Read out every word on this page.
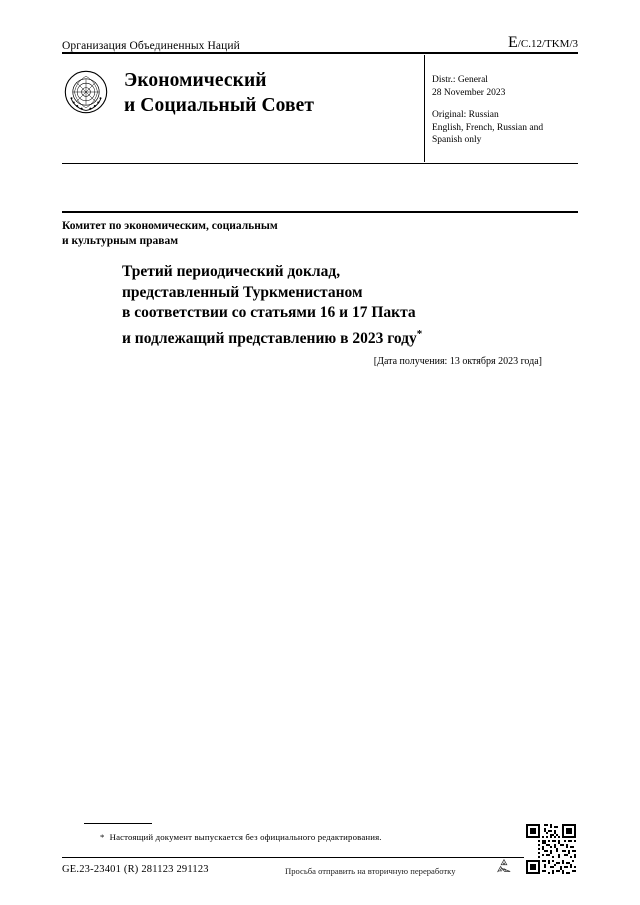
Организация Объединенных Наций	E/C.12/TKM/3
Экономический
и Социальный Совет
Distr.: General
28 November 2023
Original: Russian
English, French, Russian and
Spanish only
Комитет по экономическим, социальным
и культурным правам
Третий периодический доклад,
представленный Туркменистаном
в соответствии со статьями 16 и 17 Пакта
и подлежащий представлению в 2023 году*
[Дата получения: 13 октября 2023 года]
* Настоящий документ выпускается без официального редактирования.
GE.23-23401 (R) 281123 291123	Просьба отправить на вторичную переработку
